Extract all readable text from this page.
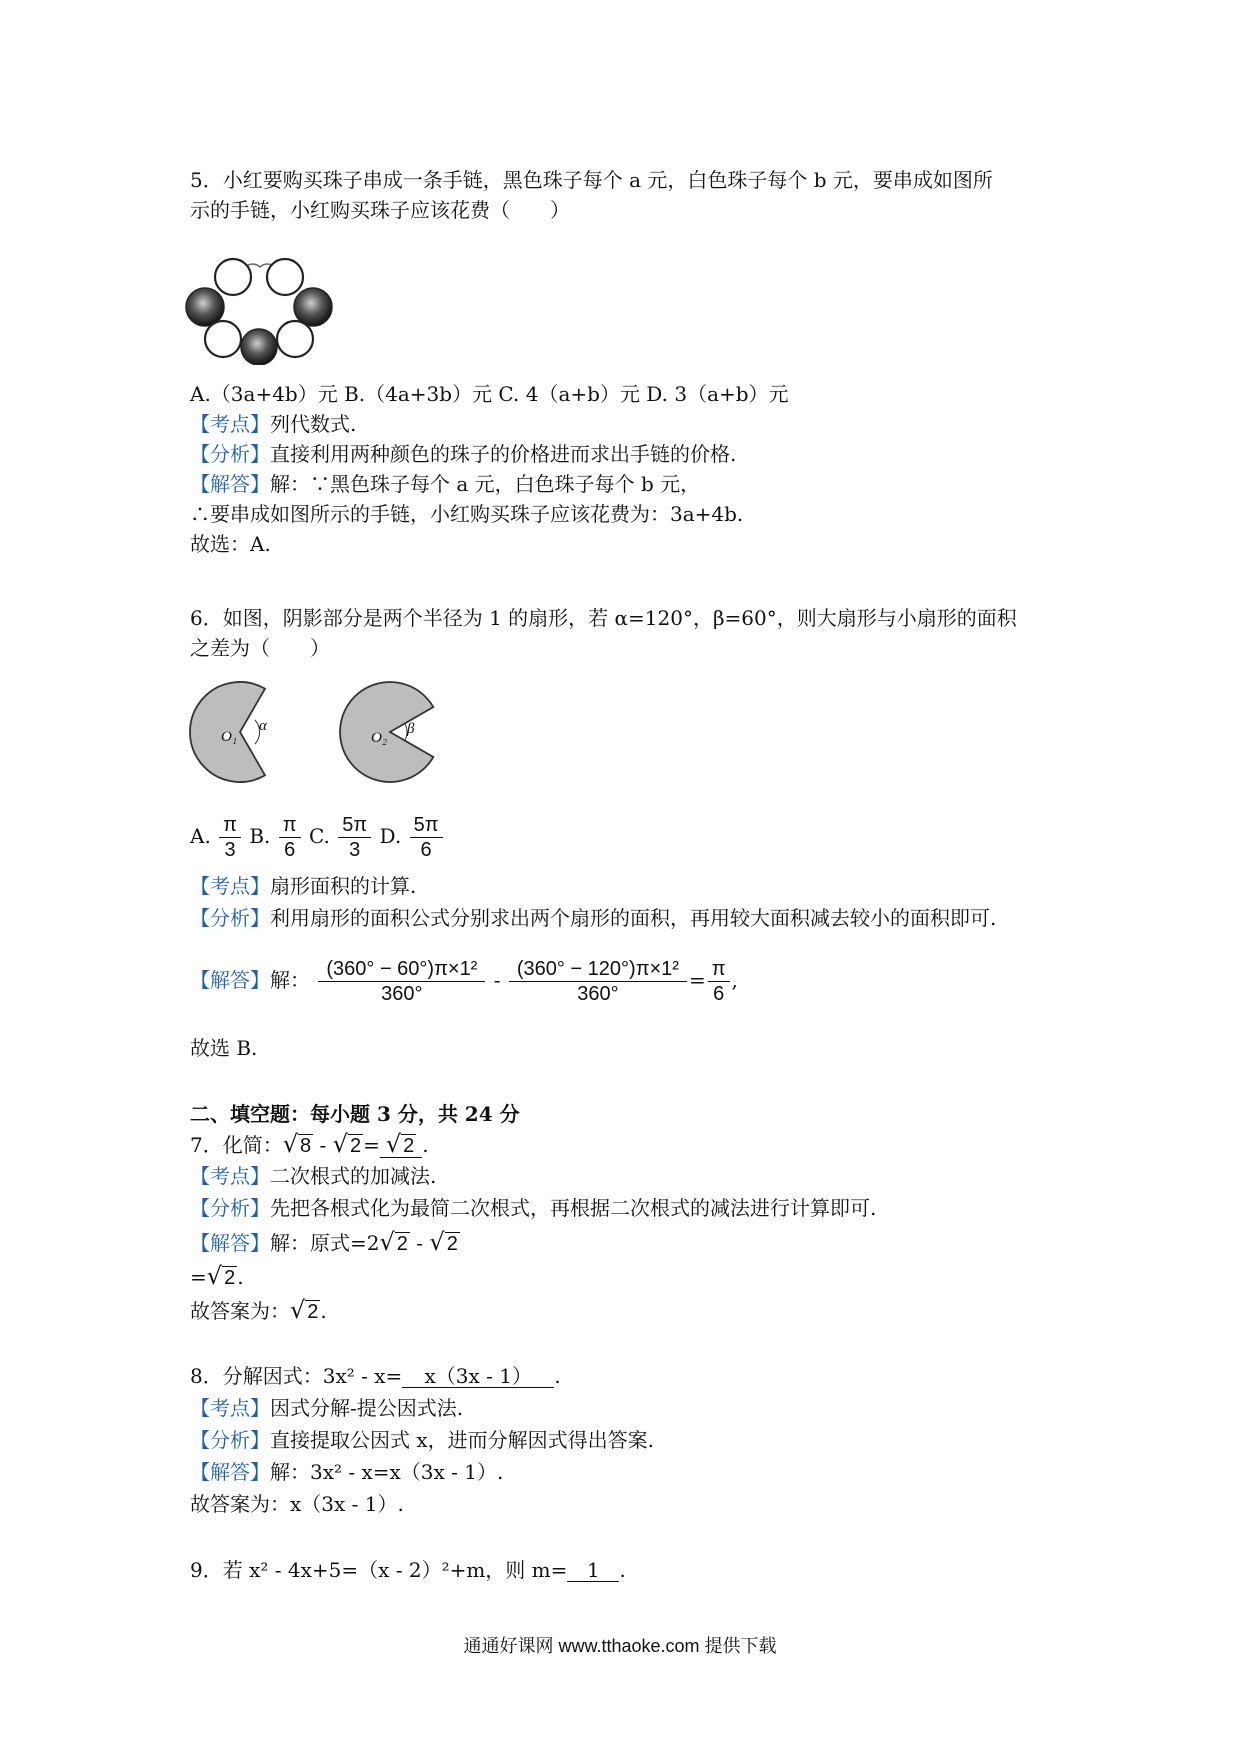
5．小红要购买珠子串成一条手链，黑色珠子每个 a 元，白色珠子每个 b 元，要串成如图所
示的手链，小红购买珠子应该花费（　　）
A.（3a+4b）元 B.（4a+3b）元 C. 4（a+b）元 D. 3（a+b）元
【考点】列代数式.
【分析】直接利用两种颜色的珠子的价格进而求出手链的价格.
【解答】解：∵黑色珠子每个 a 元，白色珠子每个 b 元，
∴要串成如图所示的手链，小红购买珠子应该花费为：3a+4b.
故选：A.
6．如图，阴影部分是两个半径为 1 的扇形，若 α=120°，β=60°，则大扇形与小扇形的面积
之差为（　　）
O₁
α
O₂
β
A. $\frac{\pi}{3} B$. $\frac{\pi}{6} C$. $\frac{5\pi}{3} D$. $\frac{5\pi}{6}$
【考点】扇形面积的计算.
【分析】利用扇形的面积公式分别求出两个扇形的面积，再用较大面积减去较小的面积即可.
【解答】解： $\frac{\text{(360° − 60°)π×1²}}{360^\circ} - \frac{\text{(360° − 120°)π×1²}}{360^\circ} = \frac{\pi}{6}$ ,
故选 B.
二、填空题：每小题 3 分，共 24 分
7．化简：√ 8 - √ 2 = √ 2 .
【考点】二次根式的加减法.
【分析】先把各根式化为最简二次根式，再根据二次根式的减法进行计算即可.
【解答】解：原式=2√ 2 - √ 2
=√ 2 .
故答案为：√ 2 .
8．分解因式：3x² - x= x（3x - 1） .
【考点】因式分解-提公因式法.
【分析】直接提取公因式 x，进而分解因式得出答案.
【解答】解：3x² - x=x（3x - 1）.
故答案为：x（3x - 1）.
9．若 x² - 4x+5=（x - 2）²+m，则 m= 1 .
通通好课网 www.tthaoke.com 提供下载
